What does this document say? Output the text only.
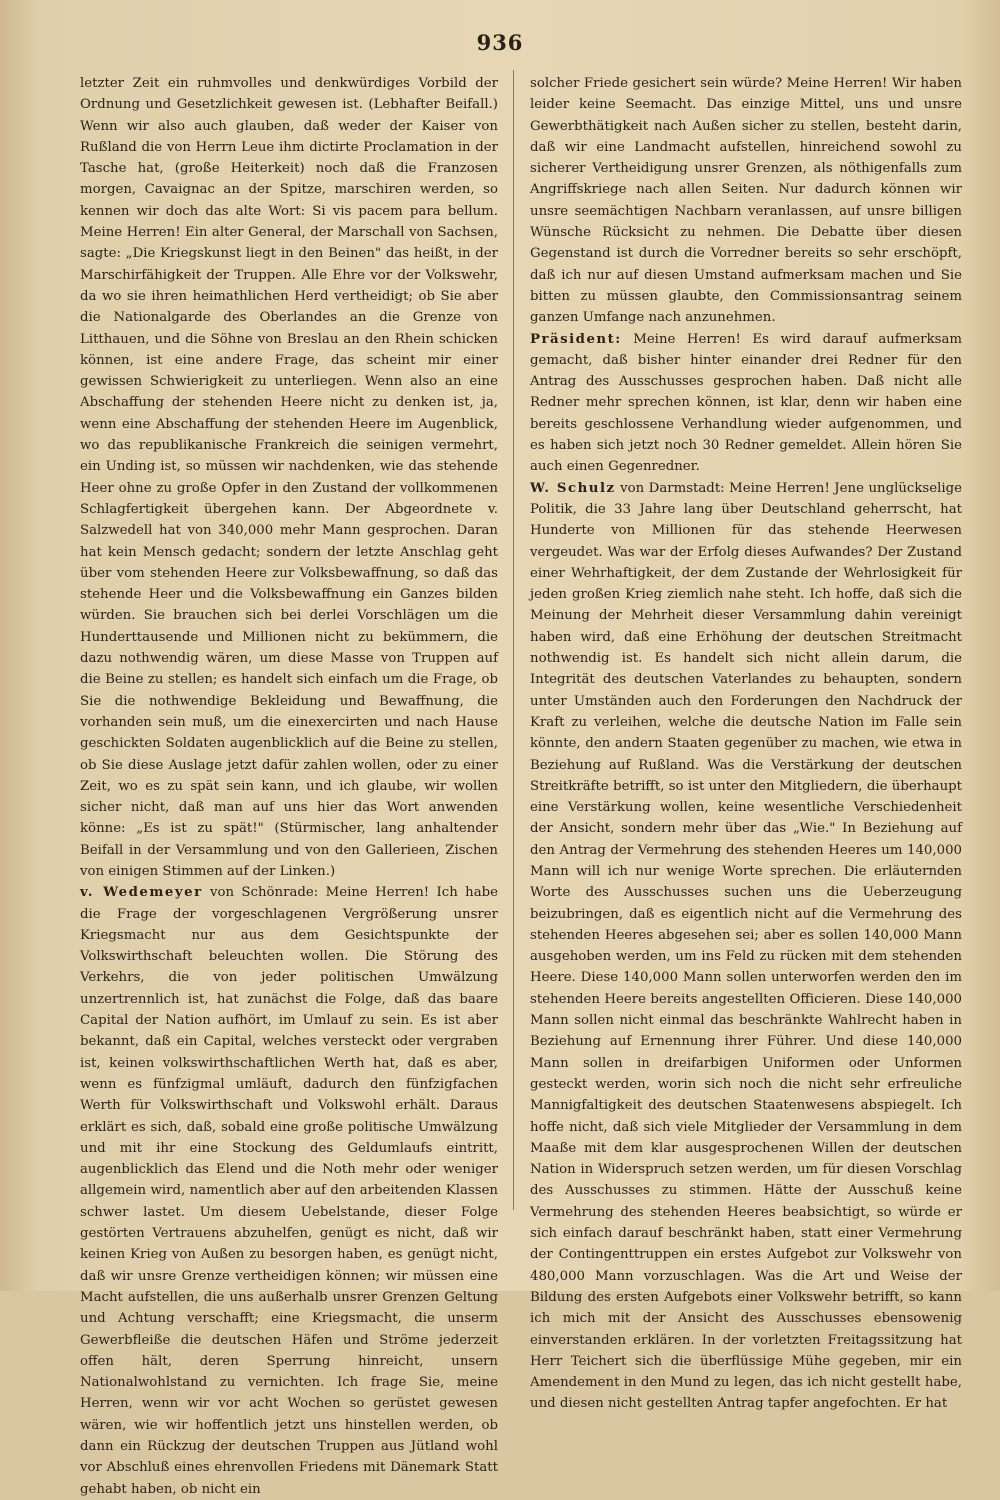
936

letzter Zeit ein ruhmvolles und denkwürdiges Vorbild der Ordnung und Gesetzlichkeit gewesen ist. (Lebhafter Beifall.) Wenn wir also auch glauben, daß weder der Kaiser von Rußland die von Herrn Leue ihm dictirte Proclamation in der Tasche hat, (große Heiterkeit) noch daß die Franzosen morgen, Cavaignac an der Spitze, marschiren werden, so kennen wir doch das alte Wort: Si vis pacem para bellum. Meine Herren! Ein alter General, der Marschall von Sachsen, sagte: „Die Kriegskunst liegt in den Beinen" das heißt, in der Marschirfähigkeit der Truppen. Alle Ehre vor der Volkswehr, da wo sie ihren heimathlichen Herd vertheidigt; ob Sie aber die Nationalgarde des Oberlandes an die Grenze von Litthauen, und die Söhne von Breslau an den Rhein schicken können, ist eine andere Frage, das scheint mir einer gewissen Schwierigkeit zu unterliegen. Wenn also an eine Abschaffung der stehenden Heere nicht zu denken ist, ja, wenn eine Abschaffung der stehenden Heere im Augenblick, wo das republikanische Frankreich die seinigen vermehrt, ein Unding ist, so müssen wir nachdenken, wie das stehende Heer ohne zu große Opfer in den Zustand der vollkommenen Schlagfertigkeit übergehen kann. Der Abgeordnete v. Salzwedell hat von 340,000 mehr Mann gesprochen. Daran hat kein Mensch gedacht; sondern der letzte Anschlag geht über vom stehenden Heere zur Volksbewaffnung, so daß das stehende Heer und die Volksbewaffnung ein Ganzes bilden würden. Sie brauchen sich bei derlei Vorschlägen um die Hunderttausende und Millionen nicht zu bekümmern, die dazu nothwendig wären, um diese Masse von Truppen auf die Beine zu stellen; es handelt sich einfach um die Frage, ob Sie die nothwendige Bekleidung und Bewaffnung, die vorhanden sein muß, um die einexercirten und nach Hause geschickten Soldaten augenblicklich auf die Beine zu stellen, ob Sie diese Auslage jetzt dafür zahlen wollen, oder zu einer Zeit, wo es zu spät sein kann, und ich glaube, wir wollen sicher nicht, daß man auf uns hier das Wort anwenden könne: „Es ist zu spät!" (Stürmischer, lang anhaltender Beifall in der Versammlung und von den Gallerieen, Zischen von einigen Stimmen auf der Linken.)

v. Wedemeyer von Schönrade: Meine Herren! Ich habe die Frage der vorgeschlagenen Vergrößerung unsrer Kriegsmacht nur aus dem Gesichtspunkte der Volkswirthschaft beleuchten wollen. Die Störung des Verkehrs, die von jeder politischen Umwälzung unzertrennlich ist, hat zunächst die Folge, daß das baare Capital der Nation aufhört, im Umlauf zu sein. Es ist aber bekannt, daß ein Capital, welches versteckt oder vergraben ist, keinen volkswirthschaftlichen Werth hat, daß es aber, wenn es fünfzigmal umläuft, dadurch den fünfzigfachen Werth für Volkswirthschaft und Volkswohl erhält. Daraus erklärt es sich, daß, sobald eine große politische Umwälzung und mit ihr eine Stockung des Geldumlaufs eintritt, augenblicklich das Elend und die Noth mehr oder weniger allgemein wird, namentlich aber auf den arbeitenden Klassen schwer lastet. Um diesem Uebelstande, dieser Folge gestörten Vertrauens abzuhelfen, genügt es nicht, daß wir keinen Krieg von Außen zu besorgen haben, es genügt nicht, daß wir unsre Grenze vertheidigen können; wir müssen eine Macht aufstellen, die uns außerhalb unsrer Grenzen Geltung und Achtung verschafft; eine Kriegsmacht, die unserm Gewerbfleiße die deutschen Häfen und Ströme jederzeit offen hält, deren Sperrung hinreicht, unsern Nationalwohlstand zu vernichten. Ich frage Sie, meine Herren, wenn wir vor acht Wochen so gerüstet gewesen wären, wie wir hoffentlich jetzt uns hinstellen werden, ob dann ein Rückzug der deutschen Truppen aus Jütland wohl vor Abschluß eines ehrenvollen Friedens mit Dänemark Statt gehabt haben, ob nicht ein

solcher Friede gesichert sein würde? Meine Herren! Wir haben leider keine Seemacht. Das einzige Mittel, uns und unsre Gewerbthätigkeit nach Außen sicher zu stellen, besteht darin, daß wir eine Landmacht aufstellen, hinreichend sowohl zu sicherer Vertheidigung unsrer Grenzen, als nöthigenfalls zum Angriffskriege nach allen Seiten. Nur dadurch können wir unsre seemächtigen Nachbarn veranlassen, auf unsre billigen Wünsche Rücksicht zu nehmen. Die Debatte über diesen Gegenstand ist durch die Vorredner bereits so sehr erschöpft, daß ich nur auf diesen Umstand aufmerksam machen und Sie bitten zu müssen glaubte, den Commissionsantrag seinem ganzen Umfange nach anzunehmen.

Präsident: Meine Herren! Es wird darauf aufmerksam gemacht, daß bisher hinter einander drei Redner für den Antrag des Ausschusses gesprochen haben. Daß nicht alle Redner mehr sprechen können, ist klar, denn wir haben eine bereits geschlossene Verhandlung wieder aufgenommen, und es haben sich jetzt noch 30 Redner gemeldet. Allein hören Sie auch einen Gegenredner.

W. Schulz von Darmstadt: Meine Herren! Jene unglückselige Politik, die 33 Jahre lang über Deutschland geherrscht, hat Hunderte von Millionen für das stehende Heerwesen vergeudet. Was war der Erfolg dieses Aufwandes? Der Zustand einer Wehrhaftigkeit, der dem Zustande der Wehrlosigkeit für jeden großen Krieg ziemlich nahe steht. Ich hoffe, daß sich die Meinung der Mehrheit dieser Versammlung dahin vereinigt haben wird, daß eine Erhöhung der deutschen Streitmacht nothwendig ist. Es handelt sich nicht allein darum, die Integrität des deutschen Vaterlandes zu behaupten, sondern unter Umständen auch den Forderungen den Nachdruck der Kraft zu verleihen, welche die deutsche Nation im Falle sein könnte, den andern Staaten gegenüber zu machen, wie etwa in Beziehung auf Rußland. Was die Verstärkung der deutschen Streitkräfte betrifft, so ist unter den Mitgliedern, die überhaupt eine Verstärkung wollen, keine wesentliche Verschiedenheit der Ansicht, sondern mehr über das „Wie." In Beziehung auf den Antrag der Vermehrung des stehenden Heeres um 140,000 Mann will ich nur wenige Worte sprechen. Die erläuternden Worte des Ausschusses suchen uns die Ueberzeugung beizubringen, daß es eigentlich nicht auf die Vermehrung des stehenden Heeres abgesehen sei; aber es sollen 140,000 Mann ausgehoben werden, um ins Feld zu rücken mit dem stehenden Heere. Diese 140,000 Mann sollen unterworfen werden den im stehenden Heere bereits angestellten Officieren. Diese 140,000 Mann sollen nicht einmal das beschränkte Wahlrecht haben in Beziehung auf Ernennung ihrer Führer. Und diese 140,000 Mann sollen in dreifarbigen Uniformen oder Unformen gesteckt werden, worin sich noch die nicht sehr erfreuliche Mannigfaltigkeit des deutschen Staatenwesens abspiegelt. Ich hoffe nicht, daß sich viele Mitglieder der Versammlung in dem Maaße mit dem klar ausgesprochenen Willen der deutschen Nation in Widerspruch setzen werden, um für diesen Vorschlag des Ausschusses zu stimmen. Hätte der Ausschuß keine Vermehrung des stehenden Heeres beabsichtigt, so würde er sich einfach darauf beschränkt haben, statt einer Vermehrung der Contingenttruppen ein erstes Aufgebot zur Volkswehr von 480,000 Mann vorzuschlagen. Was die Art und Weise der Bildung des ersten Aufgebots einer Volkswehr betrifft, so kann ich mich mit der Ansicht des Ausschusses ebensowenig einverstanden erklären. In der vorletzten Freitagssitzung hat Herr Teichert sich die überflüssige Mühe gegeben, mir ein Amendement in den Mund zu legen, das ich nicht gestellt habe, und diesen nicht gestellten Antrag tapfer angefochten. Er hat
